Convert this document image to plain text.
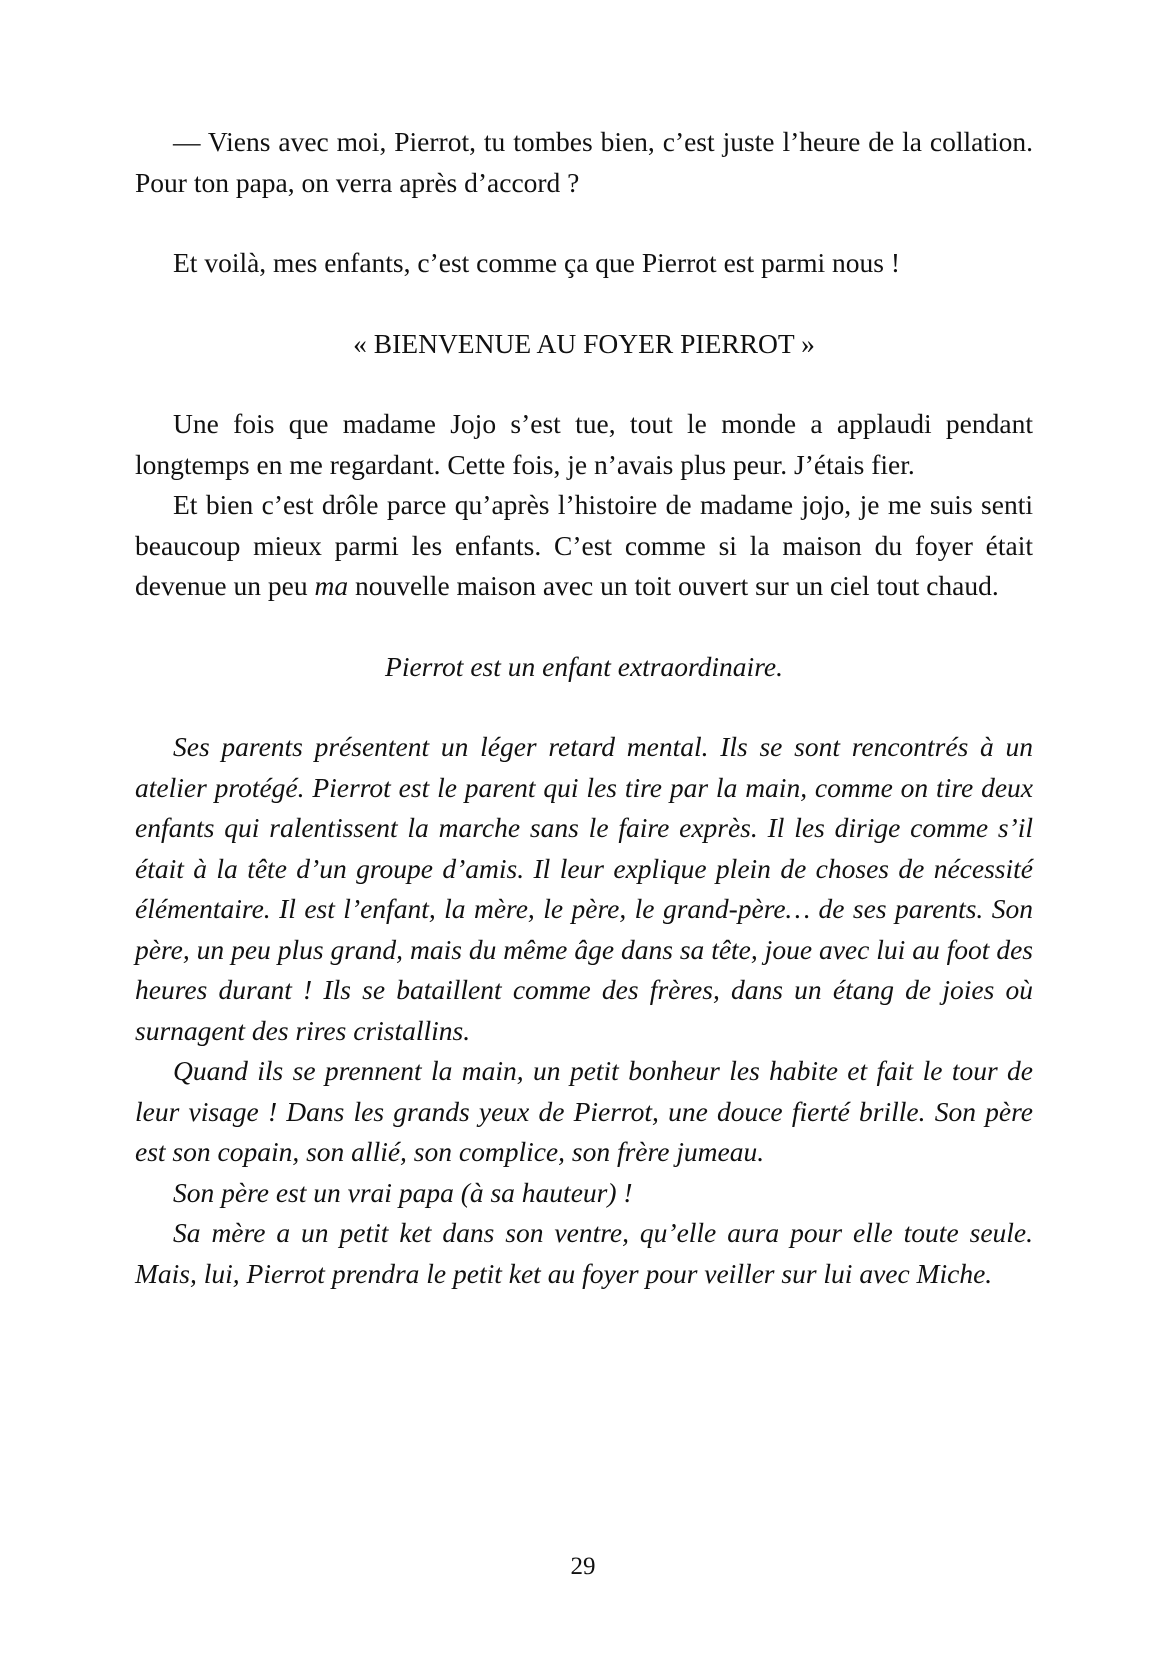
— Viens avec moi, Pierrot, tu tombes bien, c’est juste l’heure de la collation. Pour ton papa, on verra après d’accord ?

Et voilà, mes enfants, c’est comme ça que Pierrot est parmi nous !

« BIENVENUE AU FOYER PIERROT »

Une fois que madame Jojo s’est tue, tout le monde a applaudi pendant longtemps en me regardant. Cette fois, je n’avais plus peur. J’étais fier.

Et bien c’est drôle parce qu’après l’histoire de madame jojo, je me suis senti beaucoup mieux parmi les enfants. C’est comme si la maison du foyer était devenue un peu ma nouvelle maison avec un toit ouvert sur un ciel tout chaud.

Pierrot est un enfant extraordinaire.

Ses parents présentent un léger retard mental. Ils se sont rencontrés à un atelier protégé. Pierrot est le parent qui les tire par la main, comme on tire deux enfants qui ralentissent la marche sans le faire exprès. Il les dirige comme s’il était à la tête d’un groupe d’amis. Il leur explique plein de choses de nécessité élémentaire. Il est l’enfant, la mère, le père, le grand-père… de ses parents. Son père, un peu plus grand, mais du même âge dans sa tête, joue avec lui au foot des heures durant ! Ils se bataillent comme des frères, dans un étang de joies où surnagent des rires cristallins.

Quand ils se prennent la main, un petit bonheur les habite et fait le tour de leur visage ! Dans les grands yeux de Pierrot, une douce fierté brille. Son père est son copain, son allié, son complice, son frère jumeau.

Son père est un vrai papa (à sa hauteur) !

Sa mère a un petit ket dans son ventre, qu’elle aura pour elle toute seule. Mais, lui, Pierrot prendra le petit ket au foyer pour veiller sur lui avec Miche.

29
